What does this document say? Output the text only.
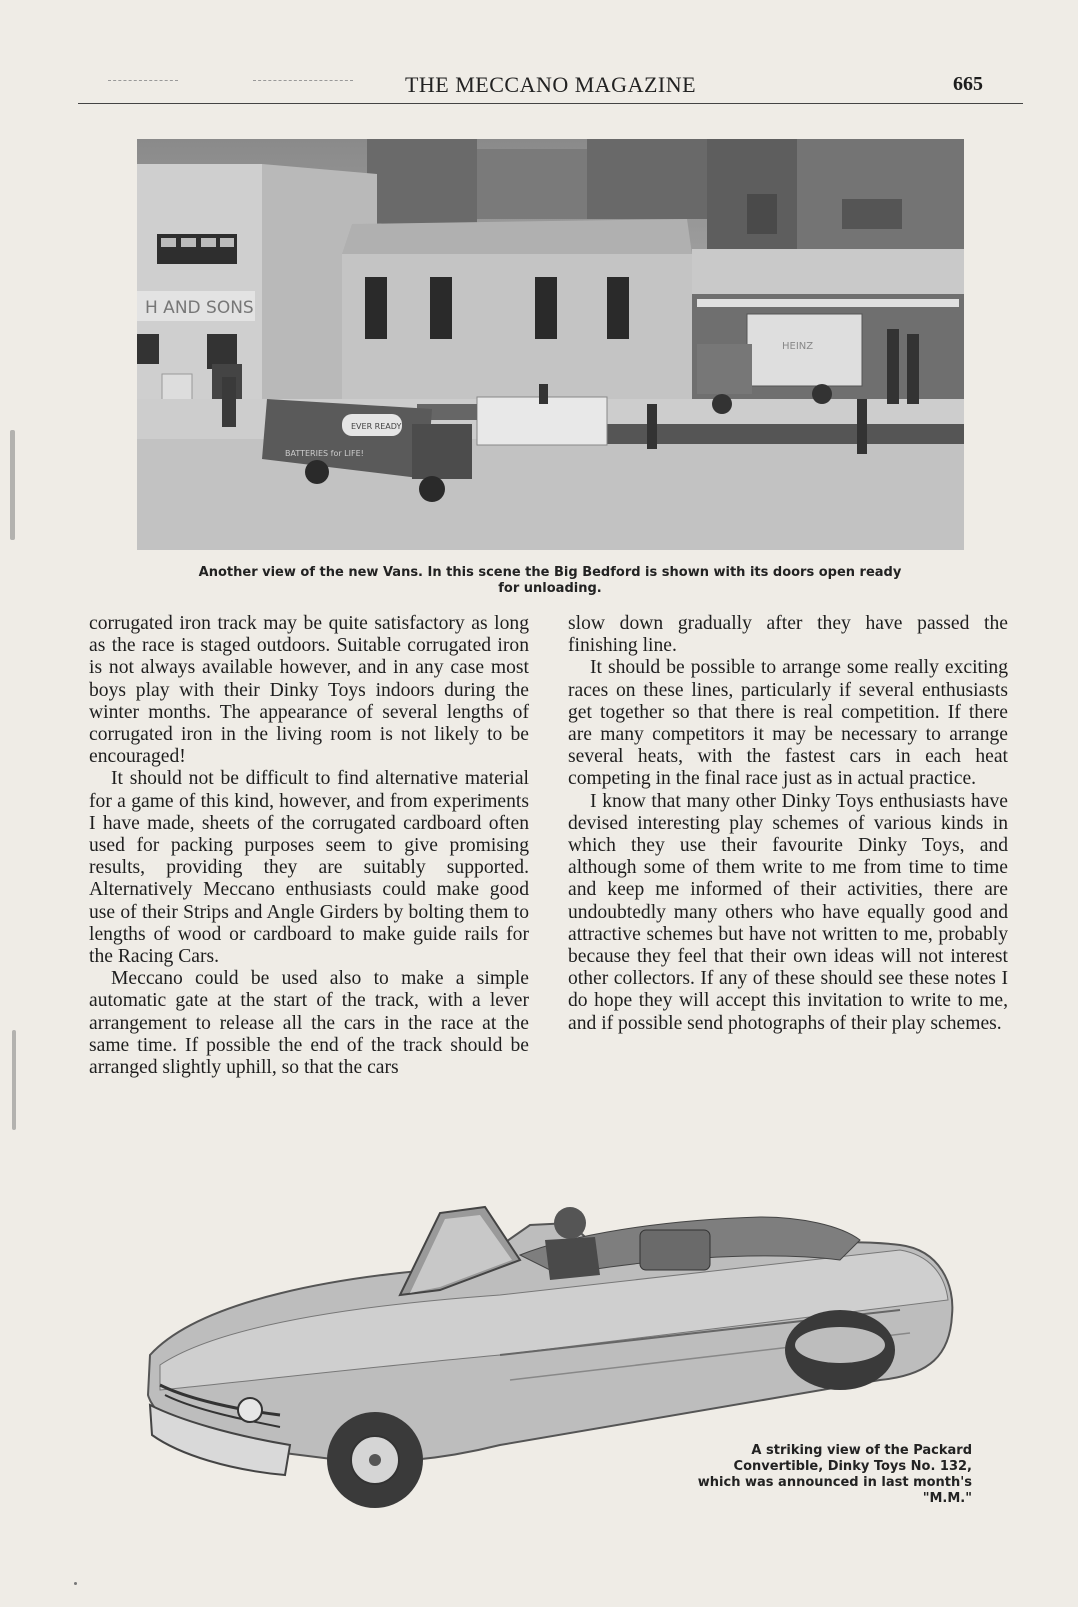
THE MECCANO MAGAZINE	665
H AND SONS
HEINZ
EVER READY
BATTERIES for LIFE!
Another view of the new Vans. In this scene the Big Bedford is shown with its doors open ready
for unloading.

corrugated iron track may be quite satisfactory as long as the race is staged outdoors. Suitable corrugated iron is not always available however, and in any case most boys play with their Dinky Toys indoors during the winter months. The appearance of several lengths of corrugated iron in the living room is not likely to be encouraged!

It should not be difficult to find alternative material for a game of this kind, however, and from experiments I have made, sheets of the corrugated cardboard often used for packing purposes seem to give promising results, providing they are suitably supported. Alternatively Meccano enthusiasts could make good use of their Strips and Angle Girders by bolting them to lengths of wood or cardboard to make guide rails for the Racing Cars.

Meccano could be used also to make a simple automatic gate at the start of the track, with a lever arrangement to release all the cars in the race at the same time. If possible the end of the track should be arranged slightly uphill, so that the cars

slow down gradually after they have passed the finishing line.

It should be possible to arrange some really exciting races on these lines, particularly if several enthusiasts get together so that there is real competition. If there are many competitors it may be necessary to arrange several heats, with the fastest cars in each heat competing in the final race just as in actual practice.

I know that many other Dinky Toys enthusiasts have devised interesting play schemes of various kinds in which they use their favourite Dinky Toys, and although some of them write to me from time to time and keep me informed of their activities, there are undoubtedly many others who have equally good and attractive schemes but have not written to me, probably because they feel that their own ideas will not interest other collectors. If any of these should see these notes I do hope they will accept this invitation to write to me, and if possible send photographs of their play schemes.

A striking view of the Packard
Convertible, Dinky Toys No. 132,
which was announced in last month's
"M.M."
